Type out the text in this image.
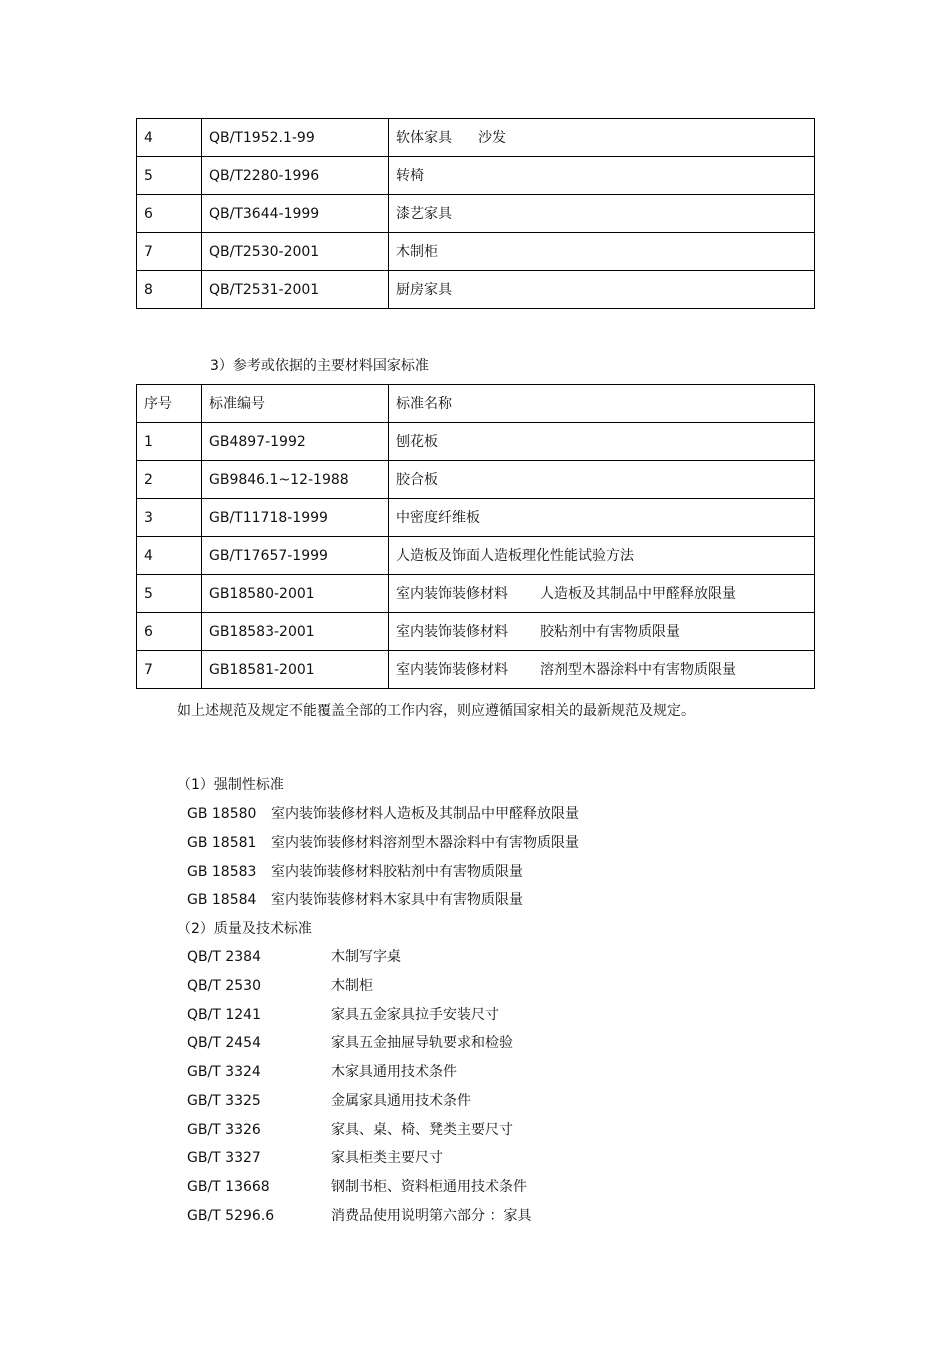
4	QB/T1952.1-99	软体家具 沙发
5	QB/T2280-1996	转椅
6	QB/T3644-1999	漆艺家具
7	QB/T2530-2001	木制柜
8	QB/T2531-2001	厨房家具
3）参考或依据的主要材料国家标准
序号	标准编号	标准名称
1	GB4897-1992	刨花板
2	GB9846.1~12-1988	胶合板
3	GB/T11718-1999	中密度纤维板
4	GB/T17657-1999	人造板及饰面人造板理化性能试验方法
5	GB18580-2001	室内装饰装修材料 人造板及其制品中甲醛释放限量
6	GB18583-2001	室内装饰装修材料 胶粘剂中有害物质限量
7	GB18581-2001	室内装饰装修材料 溶剂型木器涂料中有害物质限量
如上述规范及规定不能覆盖全部的工作内容，则应遵循国家相关的最新规范及规定。
（1）强制性标准
GB 18580 室内装饰装修材料人造板及其制品中甲醛释放限量
GB 18581 室内装饰装修材料溶剂型木器涂料中有害物质限量
GB 18583 室内装饰装修材料胶粘剂中有害物质限量
GB 18584 室内装饰装修材料木家具中有害物质限量
（2）质量及技术标准
QB/T 2384	木制写字桌
QB/T 2530	木制柜
QB/T 1241	家具五金家具拉手安装尺寸
QB/T 2454	家具五金抽屉导轨要求和检验
GB/T 3324	木家具通用技术条件
GB/T 3325	金属家具通用技术条件
GB/T 3326	家具、桌、椅、凳类主要尺寸
GB/T 3327	家具柜类主要尺寸
GB/T 13668	钢制书柜、资料柜通用技术条件
GB/T 5296.6	消费品使用说明第六部分 ：家具
